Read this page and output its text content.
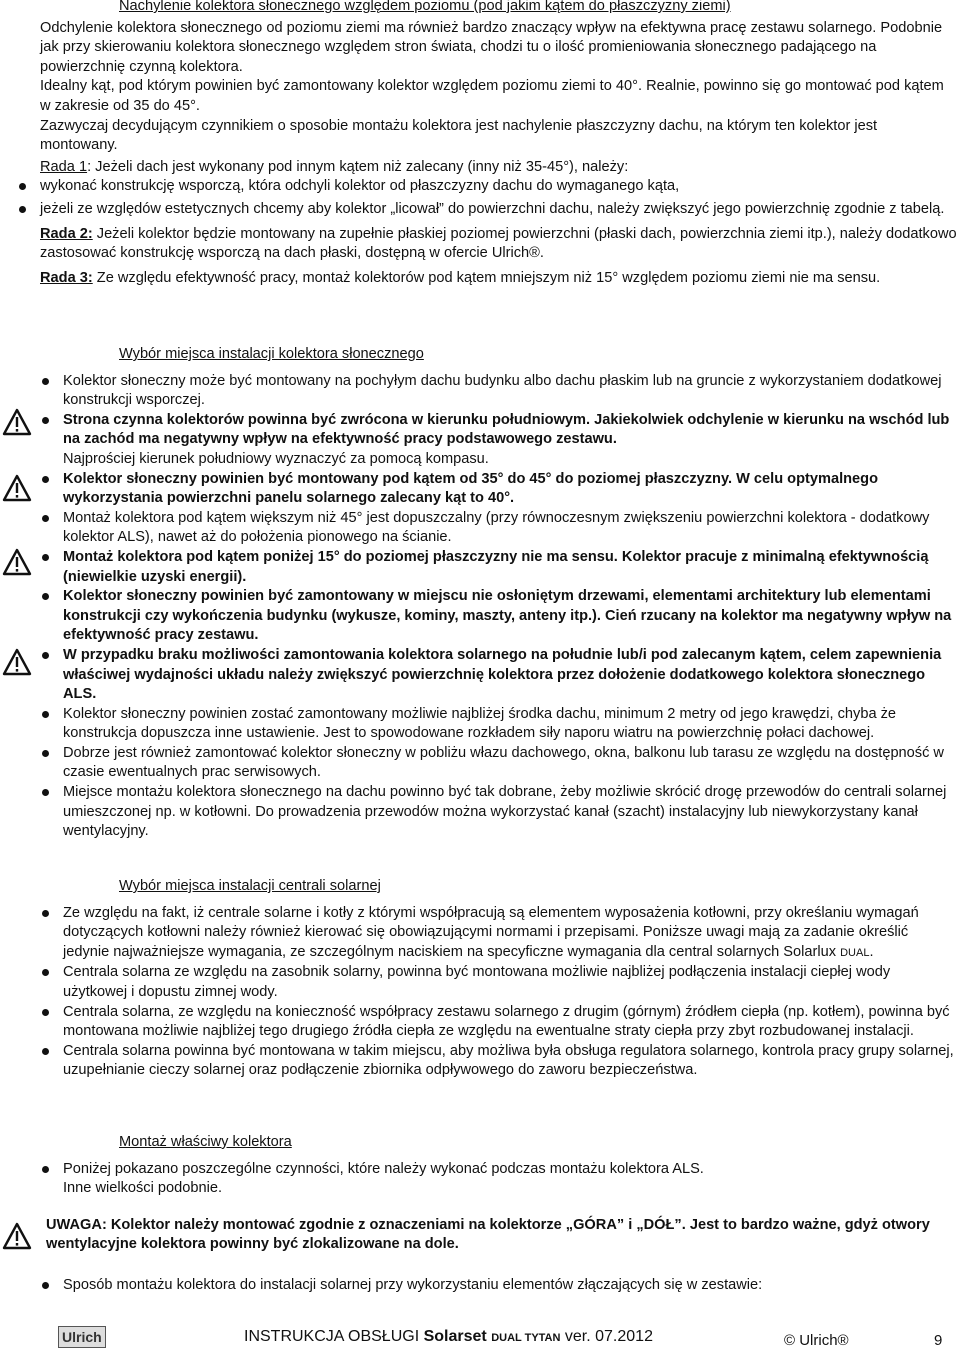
Nachylenie kolektora słonecznego względem poziomu (pod jakim kątem do płaszczyzny ziemi)

Odchylenie kolektora słonecznego od poziomu ziemi ma również bardzo znaczący wpływ na efektywna pracę zestawu solarnego. Podobnie jak przy skierowaniu kolektora słonecznego względem stron świata, chodzi tu o ilość promieniowania słonecznego padającego na powierzchnię czynną kolektora.

Idealny kąt, pod którym powinien być zamontowany kolektor względem poziomu ziemi to 40°. Realnie, powinno się go montować pod kątem w zakresie od 35 do 45°.

Zazwyczaj decydującym czynnikiem o sposobie montażu kolektora jest nachylenie płaszczyzny dachu, na którym ten kolektor jest montowany.

Rada 1: Jeżeli dach jest wykonany pod innym kątem niż zalecany (inny niż 35-45°), należy:

wykonać konstrukcję wsporczą, która odchyli kolektor od płaszczyzny dachu do wymaganego kąta,
jeżeli ze względów estetycznych chcemy aby kolektor „licował” do powierzchni dachu, należy zwiększyć jego powierzchnię zgodnie z tabelą.

Rada 2: Jeżeli kolektor będzie montowany na zupełnie płaskiej poziomej powierzchni (płaski dach, powierzchnia ziemi itp.), należy dodatkowo zastosować konstrukcję wsporczą na dach płaski, dostępną w ofercie Ulrich®.

Rada 3: Ze względu efektywność pracy, montaż kolektorów pod kątem mniejszym niż 15° względem poziomu ziemi nie ma sensu.

Wybór miejsca instalacji kolektora słonecznego

Kolektor słoneczny może być montowany na pochyłym dachu budynku albo dachu płaskim lub na gruncie z wykorzystaniem dodatkowej konstrukcji wsporczej.
Strona czynna kolektorów powinna być zwrócona w kierunku południowym. Jakiekolwiek odchylenie w kierunku na wschód lub na zachód ma negatywny wpływ na efektywność pracy podstawowego zestawu.
Najprościej kierunek południowy wyznaczyć za pomocą kompasu.
Kolektor słoneczny powinien być montowany pod kątem od 35° do 45° do poziomej płaszczyzny. W celu optymalnego wykorzystania powierzchni panelu solarnego zalecany kąt to 40°.
Montaż kolektora pod kątem większym niż 45° jest dopuszczalny (przy równoczesnym zwiększeniu powierzchni kolektora - dodatkowy kolektor ALS), nawet aż do położenia pionowego na ścianie.
Montaż kolektora pod kątem poniżej 15° do poziomej płaszczyzny nie ma sensu. Kolektor pracuje z minimalną efektywnością (niewielkie uzyski energii).
Kolektor słoneczny powinien być zamontowany w miejscu nie osłoniętym drzewami, elementami architektury lub elementami konstrukcji czy wykończenia budynku (wykusze, kominy, maszty, anteny itp.). Cień rzucany na kolektor ma negatywny wpływ na efektywność pracy zestawu.
W przypadku braku możliwości zamontowania kolektora solarnego na południe lub/i pod zalecanym kątem, celem zapewnienia właściwej wydajności układu należy zwiększyć powierzchnię kolektora przez dołożenie dodatkowego kolektora słonecznego ALS.
Kolektor słoneczny powinien zostać zamontowany możliwie najbliżej środka dachu, minimum 2 metry od jego krawędzi, chyba że konstrukcja dopuszcza inne ustawienie. Jest to spowodowane rozkładem siły naporu wiatru na powierzchnię połaci dachowej.
Dobrze jest również zamontować kolektor słoneczny w pobliżu włazu dachowego, okna, balkonu lub tarasu ze względu na dostępność w czasie ewentualnych prac serwisowych.
Miejsce montażu kolektora słonecznego na dachu powinno być tak dobrane, żeby możliwie skrócić drogę przewodów do centrali solarnej umieszczonej np. w kotłowni. Do prowadzenia przewodów można wykorzystać kanał (szacht) instalacyjny lub niewykorzystany kanał wentylacyjny.

Wybór miejsca instalacji centrali solarnej

Ze względu na fakt, iż centrale solarne i kotły z którymi współpracują są elementem wyposażenia kotłowni, przy określaniu wymagań dotyczących kotłowni należy również kierować się obowiązującymi normami i przepisami. Poniższe uwagi mają za zadanie określić jedynie najważniejsze wymagania, ze szczególnym naciskiem na specyficzne wymagania dla central solarnych Solarlux DUAL.
Centrala solarna ze względu na zasobnik solarny, powinna być montowana możliwie najbliżej podłączenia instalacji ciepłej wody użytkowej i dopustu zimnej wody.
Centrala solarna, ze względu na konieczność współpracy zestawu solarnego z drugim (górnym) źródłem ciepła (np. kotłem), powinna być montowana możliwie najbliżej tego drugiego źródła ciepła ze względu na ewentualne straty ciepła przy zbyt rozbudowanej instalacji.
Centrala solarna powinna być montowana w takim miejscu, aby możliwa była obsługa regulatora solarnego, kontrola pracy grupy solarnej, uzupełnianie cieczy solarnej oraz podłączenie zbiornika odpływowego do zaworu bezpieczeństwa.

Montaż właściwy kolektora

Poniżej pokazano poszczególne czynności, które należy wykonać podczas montażu kolektora ALS.
Inne wielkości podobnie.

UWAGA: Kolektor należy montować zgodnie z oznaczeniami na kolektorze „GÓRA” i „DÓŁ”. Jest to bardzo ważne, gdyż otwory wentylacyjne kolektora powinny być zlokalizowane na dole.

Sposób montażu kolektora do instalacji solarnej przy wykorzystaniu elementów złączających się w zestawie:
Ulrich	INSTRUKCJA OBSŁUGI Solarset DUAL TYTAN ver. 07.2012	© Ulrich®	9
